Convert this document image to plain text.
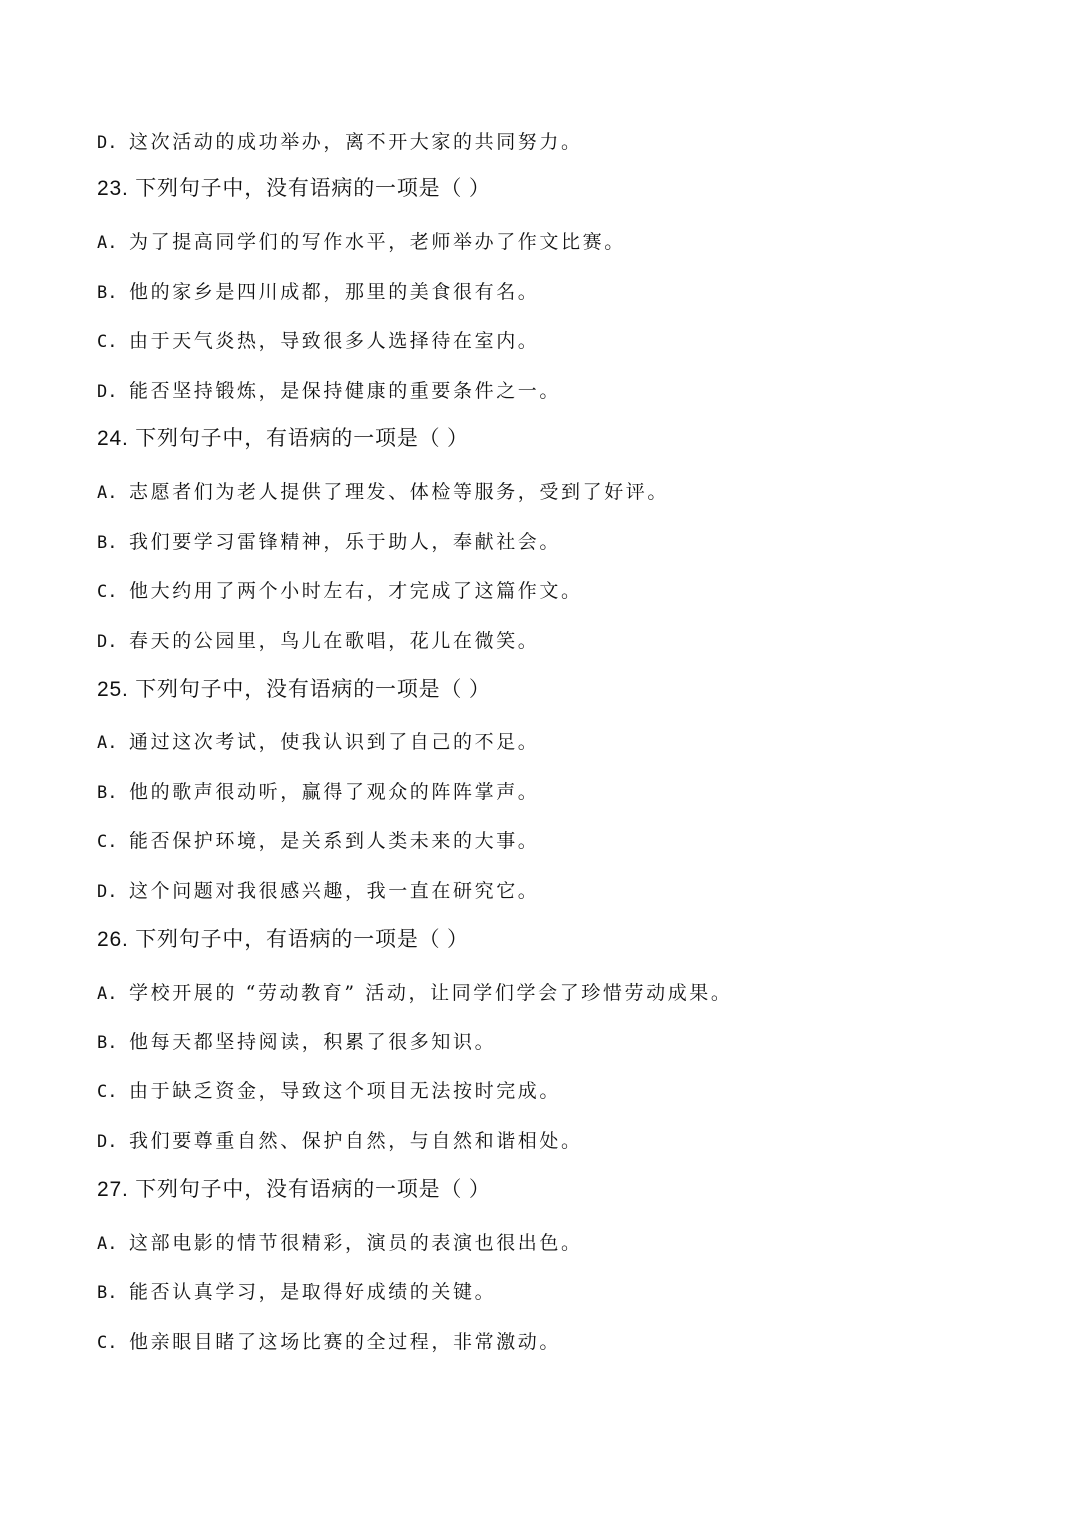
D. 这次活动的成功举办，离不开大家的共同努力。
23. 下列句子中，没有语病的一项是（ ）
A. 为了提高同学们的写作水平，老师举办了作文比赛。
B. 他的家乡是四川成都，那里的美食很有名。
C. 由于天气炎热，导致很多人选择待在室内。
D. 能否坚持锻炼，是保持健康的重要条件之一。
24. 下列句子中，有语病的一项是（ ）
A. 志愿者们为老人提供了理发、体检等服务，受到了好评。
B. 我们要学习雷锋精神，乐于助人，奉献社会。
C. 他大约用了两个小时左右，才完成了这篇作文。
D. 春天的公园里，鸟儿在歌唱，花儿在微笑。
25. 下列句子中，没有语病的一项是（ ）
A. 通过这次考试，使我认识到了自己的不足。
B. 他的歌声很动听，赢得了观众的阵阵掌声。
C. 能否保护环境，是关系到人类未来的大事。
D. 这个问题对我很感兴趣，我一直在研究它。
26. 下列句子中，有语病的一项是（ ）
A. 学校开展的 “劳动教育” 活动，让同学们学会了珍惜劳动成果。
B. 他每天都坚持阅读，积累了很多知识。
C. 由于缺乏资金，导致这个项目无法按时完成。
D. 我们要尊重自然、保护自然，与自然和谐相处。
27. 下列句子中，没有语病的一项是（ ）
A. 这部电影的情节很精彩，演员的表演也很出色。
B. 能否认真学习，是取得好成绩的关键。
C. 他亲眼目睹了这场比赛的全过程，非常激动。
